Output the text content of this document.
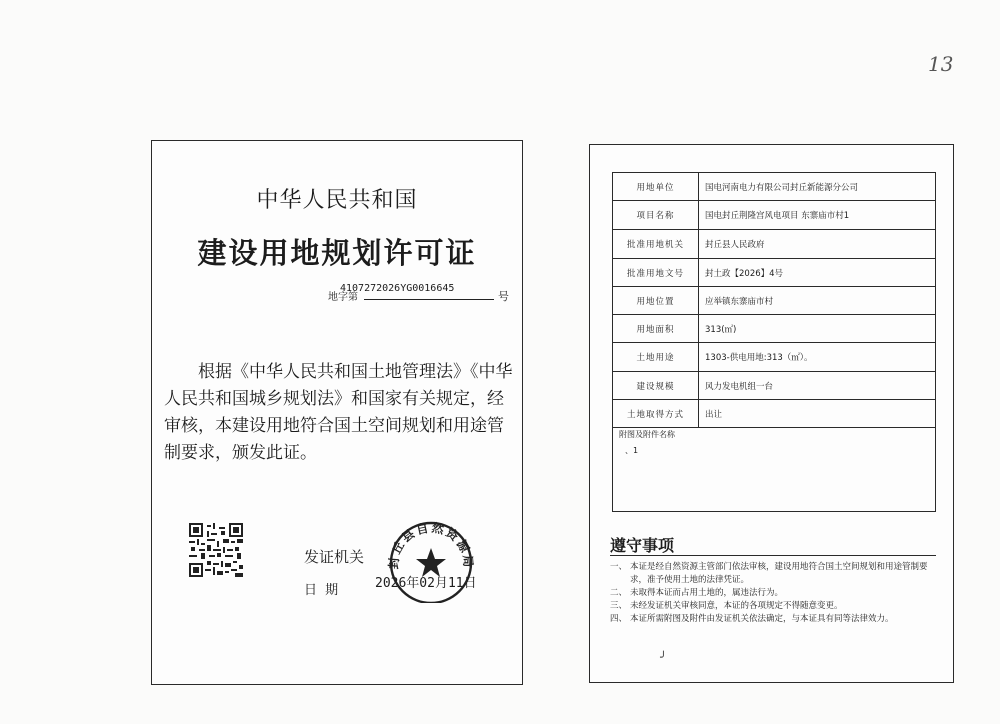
13
中华人民共和国
建设用地规划许可证
地字第
4107272026YG0016645
号
根据《中华人民共和国土地管理法》《中华人民共和国城乡规划法》和国家有关规定，经审核，本建设用地符合国土空间规划和用途管制要求，颁发此证。
发证机关
日 期	2026年02月11日
封丘县自然资源局
用地单位	国电河南电力有限公司封丘新能源分公司
项目名称	国电封丘荆隆宫风电项目 东寨庙市村1
批准用地机关	封丘县人民政府
批准用地文号	封土政【2026】4号
用地位置	应举镇东寨庙市村
用地面积	313(㎡)
土地用途	1303-供电用地:313（㎡）。
建设规模	风力发电机组一台
土地取得方式	出让
附图及附件名称
、1
遵守事项
一、 本证是经自然资源主管部门依法审核，建设用地符合国土空间规划和用途管制要求，准予使用土地的法律凭证。
二、 未取得本证而占用土地的，属违法行为。
三、 未经发证机关审核同意，本证的各项规定不得随意变更。
四、 本证所需附图及附件由发证机关依法确定，与本证具有同等法律效力。
╯
